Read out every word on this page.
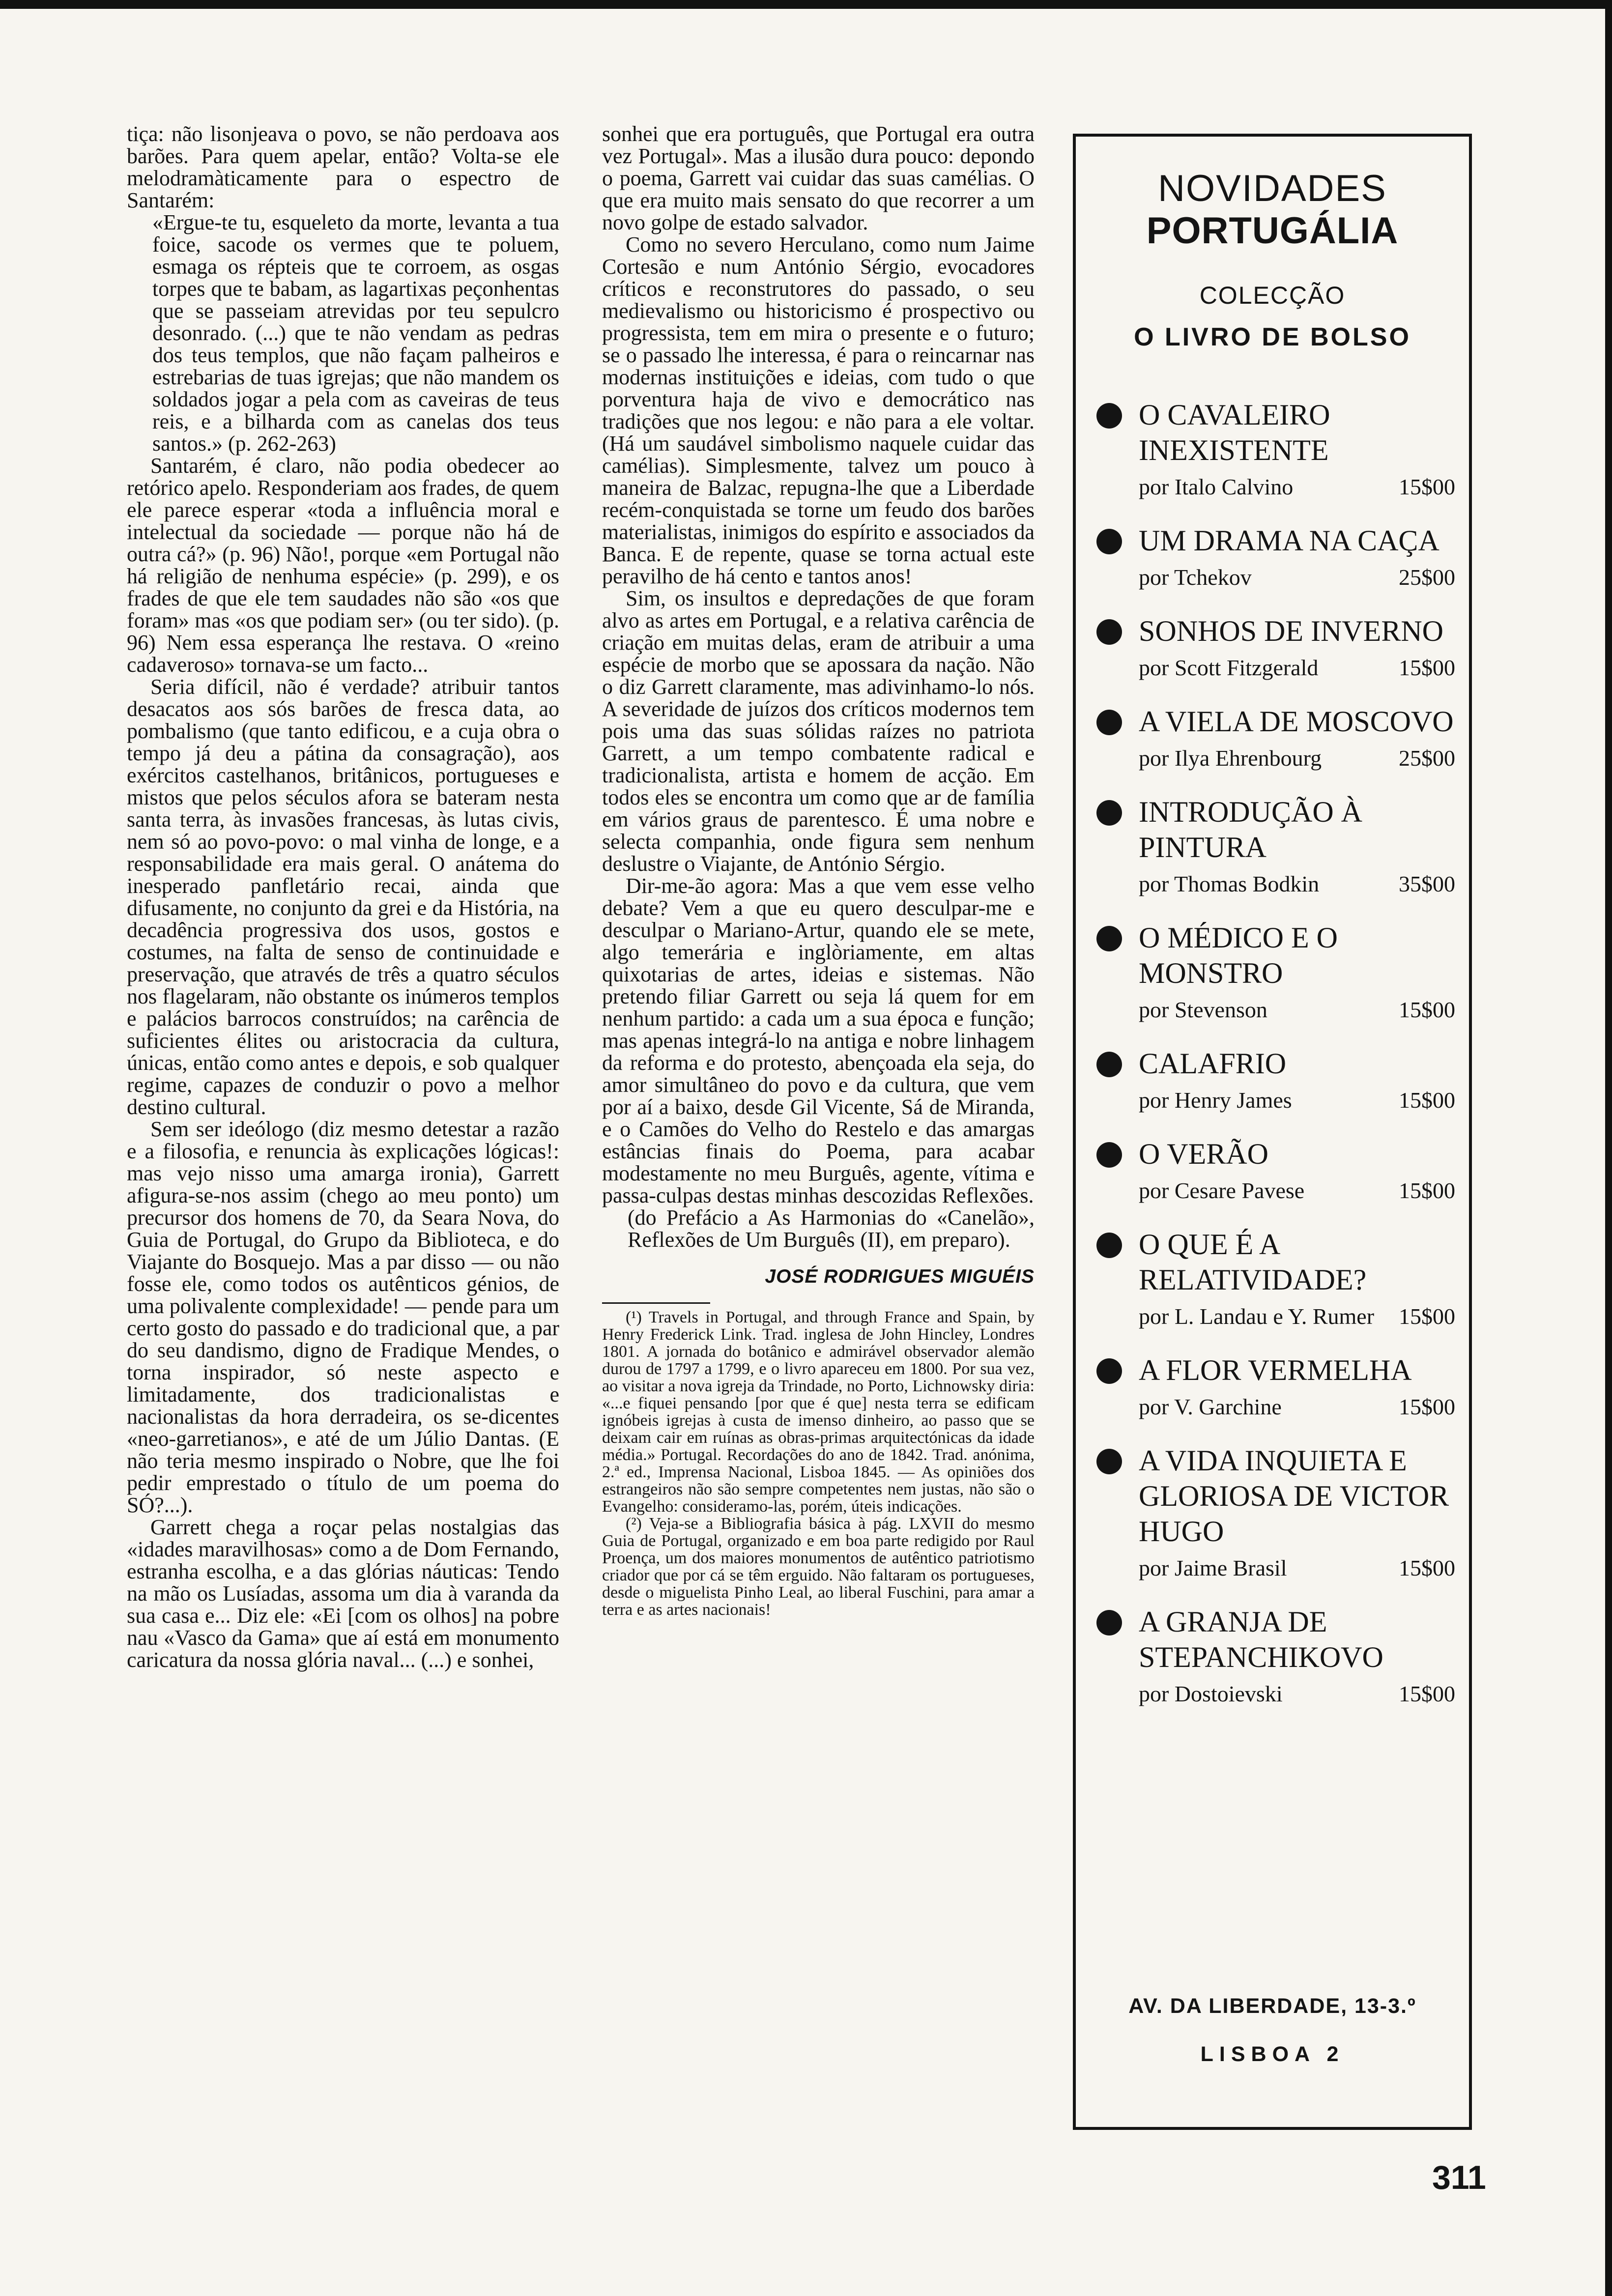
tiça: não lisonjeava o povo, se não perdoava aos barões. Para quem apelar, então? Volta-se ele melodramàticamente para o espectro de Santarém:

«Ergue-te tu, esqueleto da morte, levanta a tua foice, sacode os vermes que te poluem, esmaga os répteis que te corroem, as osgas torpes que te babam, as lagartixas peçonhentas que se passeiam atrevidas por teu sepulcro desonrado. (...) que te não vendam as pedras dos teus templos, que não façam palheiros e estrebarias de tuas igrejas; que não mandem os soldados jogar a pela com as caveiras de teus reis, e a bilharda com as canelas dos teus santos.» (p. 262-263)

Santarém, é claro, não podia obedecer ao retórico apelo. Responderiam aos frades, de quem ele parece esperar «toda a influência moral e intelectual da sociedade — porque não há de outra cá?» (p. 96) Não!, porque «em Portugal não há religião de nenhuma espécie» (p. 299), e os frades de que ele tem saudades não são «os que foram» mas «os que podiam ser» (ou ter sido). (p. 96) Nem essa esperança lhe restava. O «reino cadaveroso» tornava-se um facto...

Seria difícil, não é verdade? atribuir tantos desacatos aos sós barões de fresca data, ao pombalismo (que tanto edificou, e a cuja obra o tempo já deu a pátina da consagração), aos exércitos castelhanos, britânicos, portugueses e mistos que pelos séculos afora se bateram nesta santa terra, às invasões francesas, às lutas civis, nem só ao povo-povo: o mal vinha de longe, e a responsabilidade era mais geral. O anátema do inesperado panfletário recai, ainda que difusamente, no conjunto da grei e da História, na decadência progressiva dos usos, gostos e costumes, na falta de senso de continuidade e preservação, que através de três a quatro séculos nos flagelaram, não obstante os inúmeros templos e palácios barrocos construídos; na carência de suficientes élites ou aristocracia da cultura, únicas, então como antes e depois, e sob qualquer regime, capazes de conduzir o povo a melhor destino cultural.

Sem ser ideólogo (diz mesmo detestar a razão e a filosofia, e renuncia às explicações lógicas!: mas vejo nisso uma amarga ironia), Garrett afigura-se-nos assim (chego ao meu ponto) um precursor dos homens de 70, da Seara Nova, do Guia de Portugal, do Grupo da Biblioteca, e do Viajante do Bosquejo. Mas a par disso — ou não fosse ele, como todos os autênticos génios, de uma polivalente complexidade! — pende para um certo gosto do passado e do tradicional que, a par do seu dandismo, digno de Fradique Mendes, o torna inspirador, só neste aspecto e limitadamente, dos tradicionalistas e nacionalistas da hora derradeira, os se-dicentes «neo-garretianos», e até de um Júlio Dantas. (E não teria mesmo inspirado o Nobre, que lhe foi pedir emprestado o título de um poema do SÓ?...).

Garrett chega a roçar pelas nostalgias das «idades maravilhosas» como a de Dom Fernando, estranha escolha, e a das glórias náuticas: Tendo na mão os Lusíadas, assoma um dia à varanda da sua casa e... Diz ele: «Ei [com os olhos] na pobre nau «Vasco da Gama» que aí está em monumento caricatura da nossa glória naval... (...) e sonhei,

sonhei que era português, que Portugal era outra vez Portugal». Mas a ilusão dura pouco: depondo o poema, Garrett vai cuidar das suas camélias. O que era muito mais sensato do que recorrer a um novo golpe de estado salvador.

Como no severo Herculano, como num Jaime Cortesão e num António Sérgio, evocadores críticos e reconstrutores do passado, o seu medievalismo ou historicismo é prospectivo ou progressista, tem em mira o presente e o futuro; se o passado lhe interessa, é para o reincarnar nas modernas instituições e ideias, com tudo o que porventura haja de vivo e democrático nas tradições que nos legou: e não para a ele voltar. (Há um saudável simbolismo naquele cuidar das camélias). Simplesmente, talvez um pouco à maneira de Balzac, repugna-lhe que a Liberdade recém-conquistada se torne um feudo dos barões materialistas, inimigos do espírito e associados da Banca. E de repente, quase se torna actual este peravilho de há cento e tantos anos!

Sim, os insultos e depredações de que foram alvo as artes em Portugal, e a relativa carência de criação em muitas delas, eram de atribuir a uma espécie de morbo que se apossara da nação. Não o diz Garrett claramente, mas adivinhamo-lo nós. A severidade de juízos dos críticos modernos tem pois uma das suas sólidas raízes no patriota Garrett, a um tempo combatente radical e tradicionalista, artista e homem de acção. Em todos eles se encontra um como que ar de família em vários graus de parentesco. É uma nobre e selecta companhia, onde figura sem nenhum deslustre o Viajante, de António Sérgio.

Dir-me-ão agora: Mas a que vem esse velho debate? Vem a que eu quero desculpar-me e desculpar o Mariano-Artur, quando ele se mete, algo temerária e inglòriamente, em altas quixotarias de artes, ideias e sistemas. Não pretendo filiar Garrett ou seja lá quem for em nenhum partido: a cada um a sua época e função; mas apenas integrá-lo na antiga e nobre linhagem da reforma e do protesto, abençoada ela seja, do amor simultâneo do povo e da cultura, que vem por aí a baixo, desde Gil Vicente, Sá de Miranda, e o Camões do Velho do Restelo e das amargas estâncias finais do Poema, para acabar modestamente no meu Burguês, agente, vítima e passa-culpas destas minhas descozidas Reflexões.

(do Prefácio a As Harmonias do «Canelão», Reflexões de Um Burguês (II), em preparo).

JOSÉ RODRIGUES MIGUÉIS

(¹) Travels in Portugal, and through France and Spain, by Henry Frederick Link. Trad. inglesa de John Hincley, Londres 1801. A jornada do botânico e admirável observador alemão durou de 1797 a 1799, e o livro apareceu em 1800. Por sua vez, ao visitar a nova igreja da Trindade, no Porto, Lichnowsky diria: «...e fiquei pensando [por que é que] nesta terra se edificam ignóbeis igrejas à custa de imenso dinheiro, ao passo que se deixam cair em ruínas as obras-primas arquitectónicas da idade média.» Portugal. Recordações do ano de 1842. Trad. anónima, 2.ª ed., Imprensa Nacional, Lisboa 1845. — As opiniões dos estrangeiros não são sempre competentes nem justas, não são o Evangelho: consideramo-las, porém, úteis indicações.

(²) Veja-se a Bibliografia básica à pág. LXVII do mesmo Guia de Portugal, organizado e em boa parte redigido por Raul Proença, um dos maiores monumentos de autêntico patriotismo criador que por cá se têm erguido. Não faltaram os portugueses, desde o miguelista Pinho Leal, ao liberal Fuschini, para amar a terra e as artes nacionais!

NOVIDADES
PORTUGÁLIA
COLECÇÃO
O LIVRO DE BOLSO
O CAVALEIRO INEXISTENTE
por Italo Calvino	15$00
UM DRAMA NA CAÇA
por Tchekov	25$00
SONHOS DE INVERNO
por Scott Fitzgerald	15$00
A VIELA DE MOSCOVO
por Ilya Ehrenbourg	25$00
INTRODUÇÃO À PINTURA
por Thomas Bodkin	35$00
O MÉDICO E O MONSTRO
por Stevenson	15$00
CALAFRIO
por Henry James	15$00
O VERÃO
por Cesare Pavese	15$00
O QUE É A RELATIVIDADE?
por L. Landau e Y. Rumer 15$00
A FLOR VERMELHA
por V. Garchine	15$00
A VIDA INQUIETA E GLORIOSA DE VICTOR HUGO
por Jaime Brasil	15$00
A GRANJA DE STEPANCHIKOVO
por Dostoievski	15$00
AV. DA LIBERDADE, 13-3.º
LISBOA 2
311
